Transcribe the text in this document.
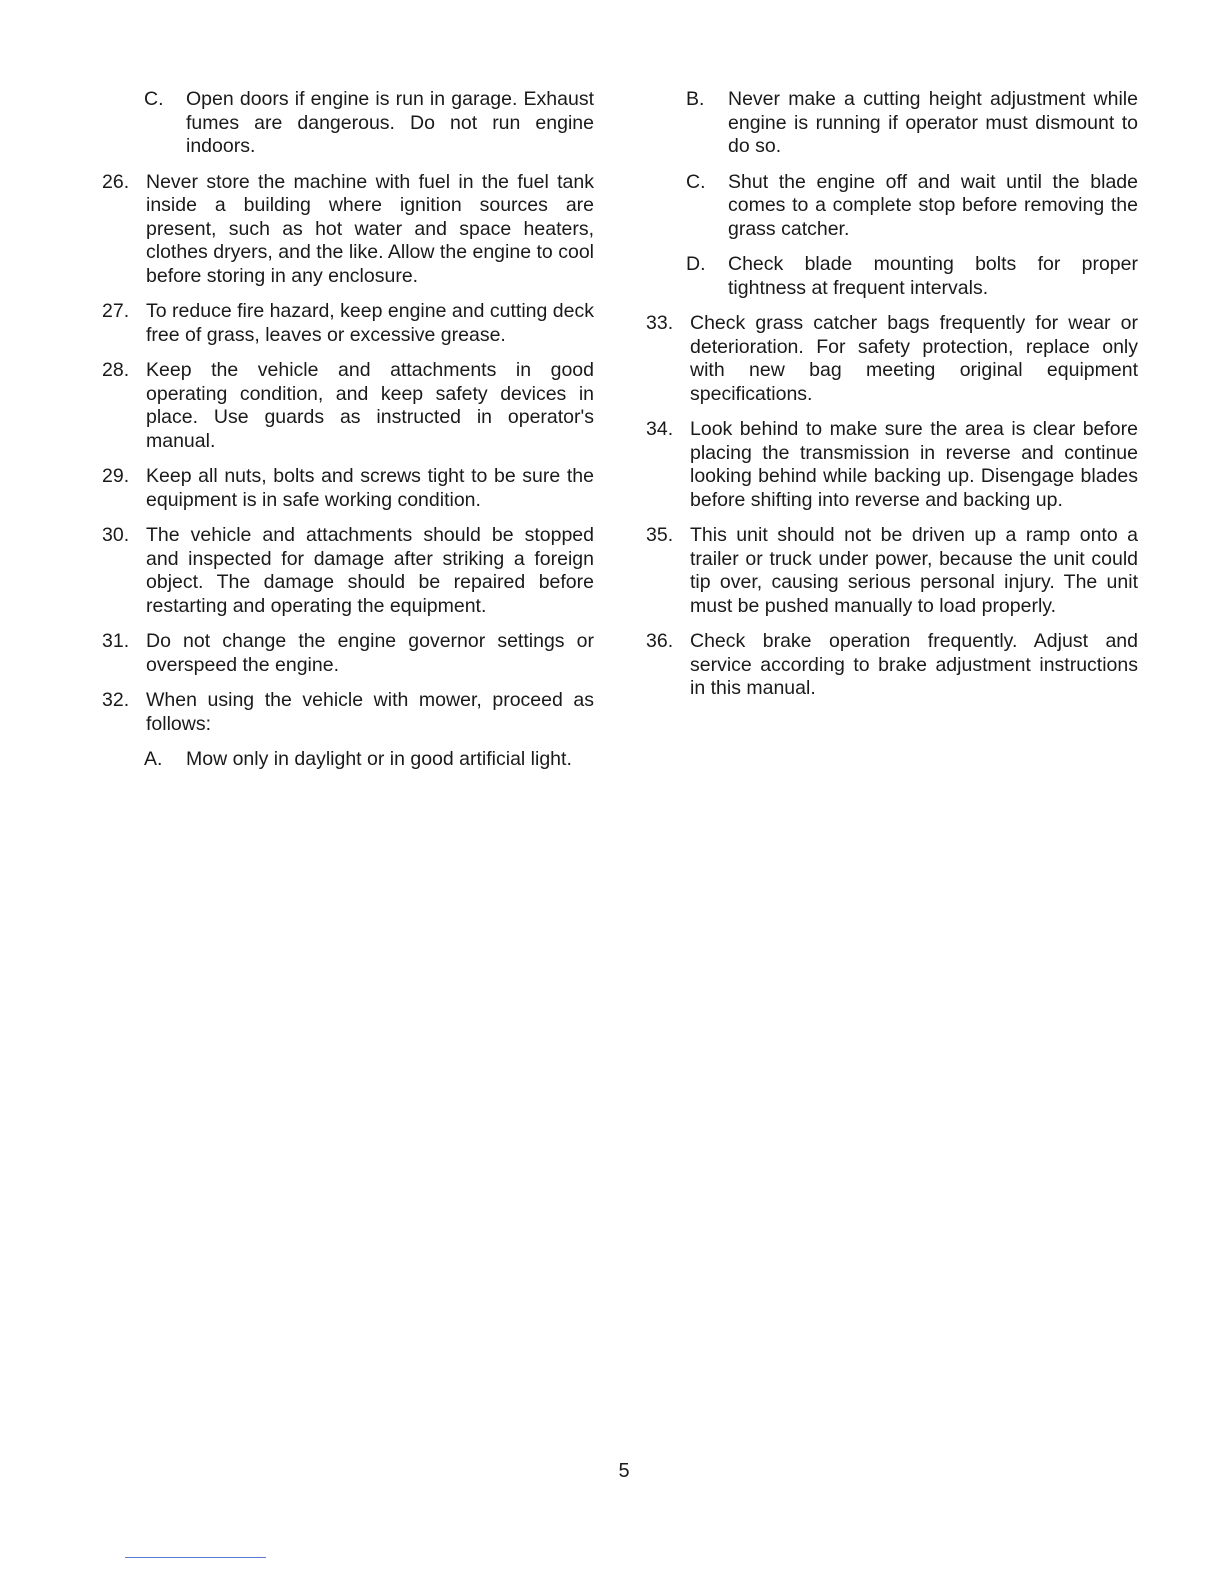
C.	Open doors if engine is run in garage. Exhaust fumes are dangerous. Do not run engine indoors.
26. Never store the machine with fuel in the fuel tank inside a building where ignition sources are present, such as hot water and space heaters, clothes dryers, and the like. Allow the engine to cool before storing in any enclosure.
27. To reduce fire hazard, keep engine and cutting deck free of grass, leaves or excessive grease.
28. Keep the vehicle and attachments in good operating condition, and keep safety devices in place. Use guards as instructed in operator's manual.
29. Keep all nuts, bolts and screws tight to be sure the equipment is in safe working condition.
30. The vehicle and attachments should be stopped and inspected for damage after striking a foreign object. The damage should be repaired before restarting and operating the equipment.
31. Do not change the engine governor settings or overspeed the engine.
32. When using the vehicle with mower, proceed as follows:
A.	Mow only in daylight or in good artificial light.
B.	Never make a cutting height adjustment while engine is running if operator must dismount to do so.
C.	Shut the engine off and wait until the blade comes to a complete stop before removing the grass catcher.
D.	Check blade mounting bolts for proper tightness at frequent intervals.
33. Check grass catcher bags frequently for wear or deterioration. For safety protection, replace only with new bag meeting original equipment specifications.
34. Look behind to make sure the area is clear before placing the transmission in reverse and continue looking behind while backing up. Disengage blades before shifting into reverse and backing up.
35. This unit should not be driven up a ramp onto a trailer or truck under power, because the unit could tip over, causing serious personal injury. The unit must be pushed manually to load properly.
36. Check brake operation frequently. Adjust and service according to brake adjustment instructions in this manual.
5
